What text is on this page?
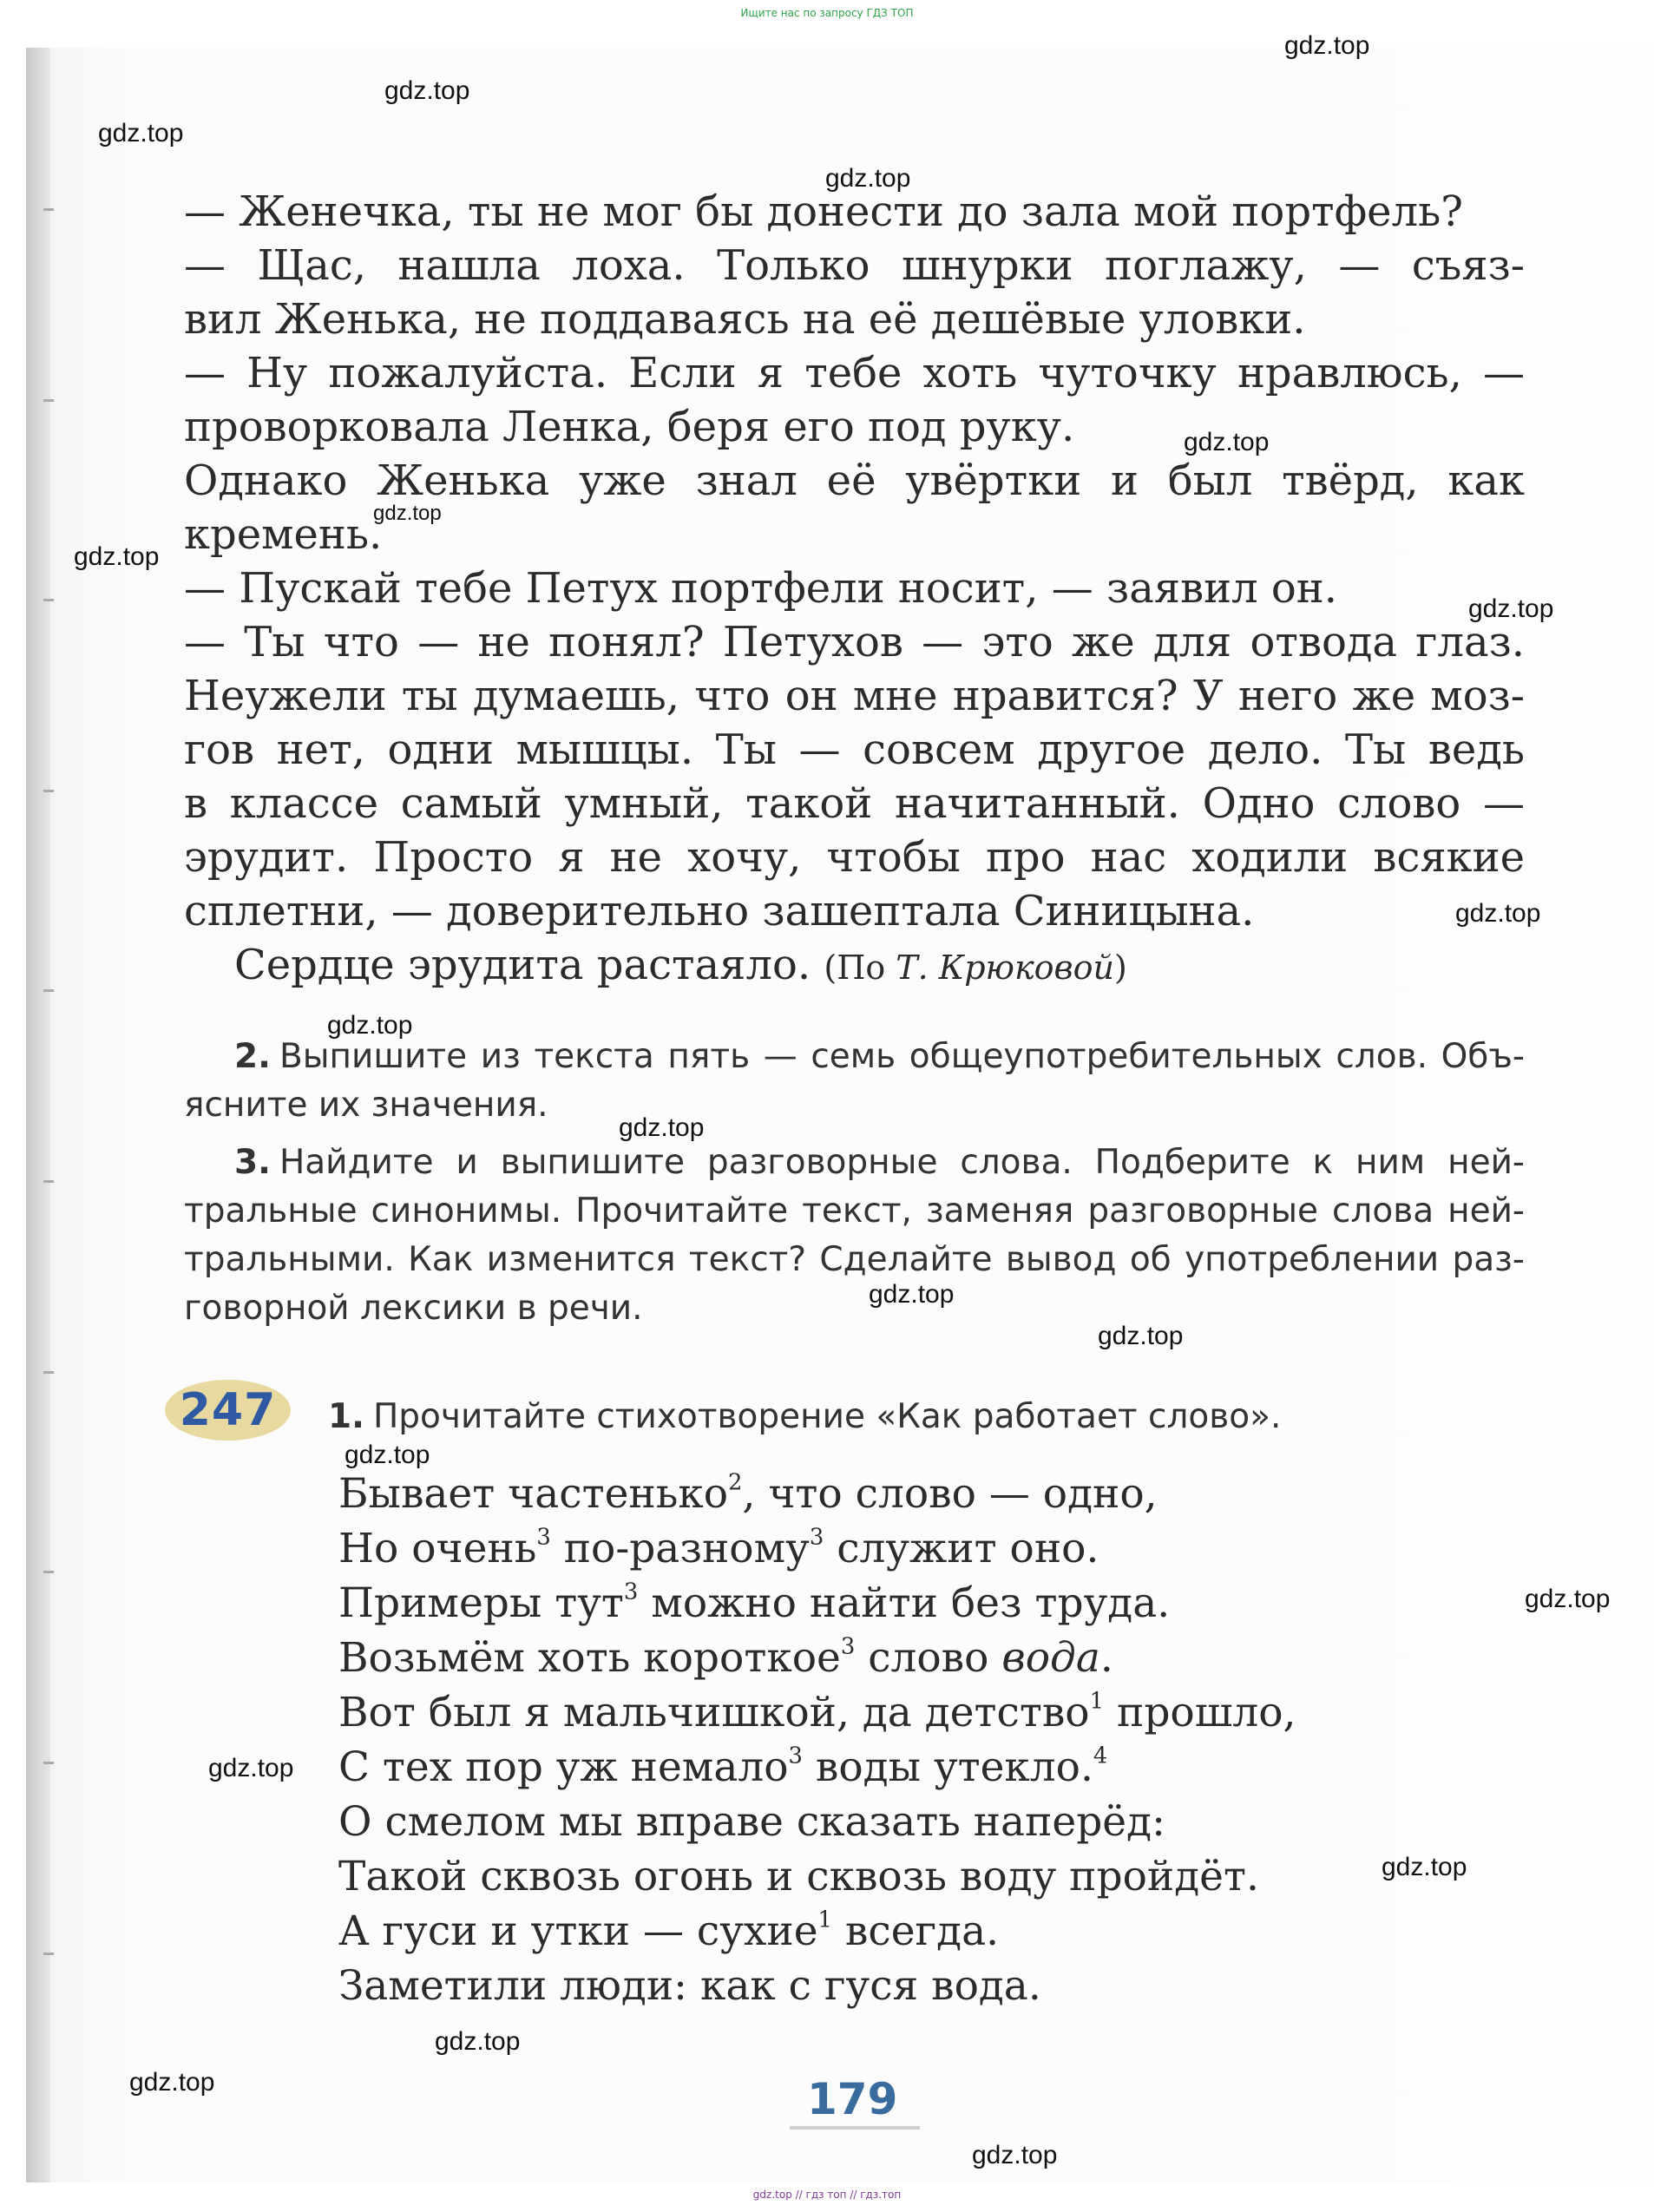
Ищите нас по запросу ГДЗ ТОП
— Женечка, ты не мог бы донести до зала мой портфель?
— Щас, нашла лоха. Только шнурки поглажу, — съяз-
вил Женька, не поддаваясь на её дешёвые уловки.
— Ну пожалуйста. Если я тебе хоть чуточку нравлюсь, —
проворковала Ленка, беря его под руку.
Однако Женька уже знал её увёртки и был твёрд, как
кремень.
— Пускай тебе Петух портфели носит, — заявил он.
— Ты что — не понял? Петухов — это же для отвода глаз.
Неужели ты думаешь, что он мне нравится? У него же моз-
гов нет, одни мышцы. Ты — совсем другое дело. Ты ведь
в классе самый умный, такой начитанный. Одно слово —
эрудит. Просто я не хочу, чтобы про нас ходили всякие
сплетни, — доверительно зашептала Синицына.
Сердце эрудита растаяло. (По Т. Крюковой)
2. Выпишите из текста пять — семь общеупотребительных слов. Объ-
ясните их значения.
3. Найдите и выпишите разговорные слова. Подберите к ним ней-
тральные синонимы. Прочитайте текст, заменяя разговорные слова ней-
тральными. Как изменится текст? Сделайте вывод об употреблении раз-
говорной лексики в речи.
247	1. Прочитайте стихотворение «Как работает слово».
Бывает частенько$^2$, что слово — одно,
Но очень$^3$ по-разному$^3$ служит оно.
Примеры тут$^3$ можно найти без труда.
Возьмём хоть короткое$^3$ слово вода.
Вот был я мальчишкой, да детство$^1$ прошло,
С тех пор уж немало$^3$ воды утекло.$^4$
О смелом мы вправе сказать наперёд:
Такой сквозь огонь и сквозь воду пройдёт.
А гуси и утки — сухие$^1$ всегда.
Заметили люди: как с гуся вода.
179
gdz.top
gdz.top
gdz.top
gdz.top
gdz.top
gdz.top
gdz.top
gdz.top
gdz.top
gdz.top
gdz.top
gdz.top
gdz.top
gdz.top
gdz.top
gdz.top
gdz.top
gdz.top
gdz.top
gdz.top
gdz.top // гдз топ // гдз.топ
